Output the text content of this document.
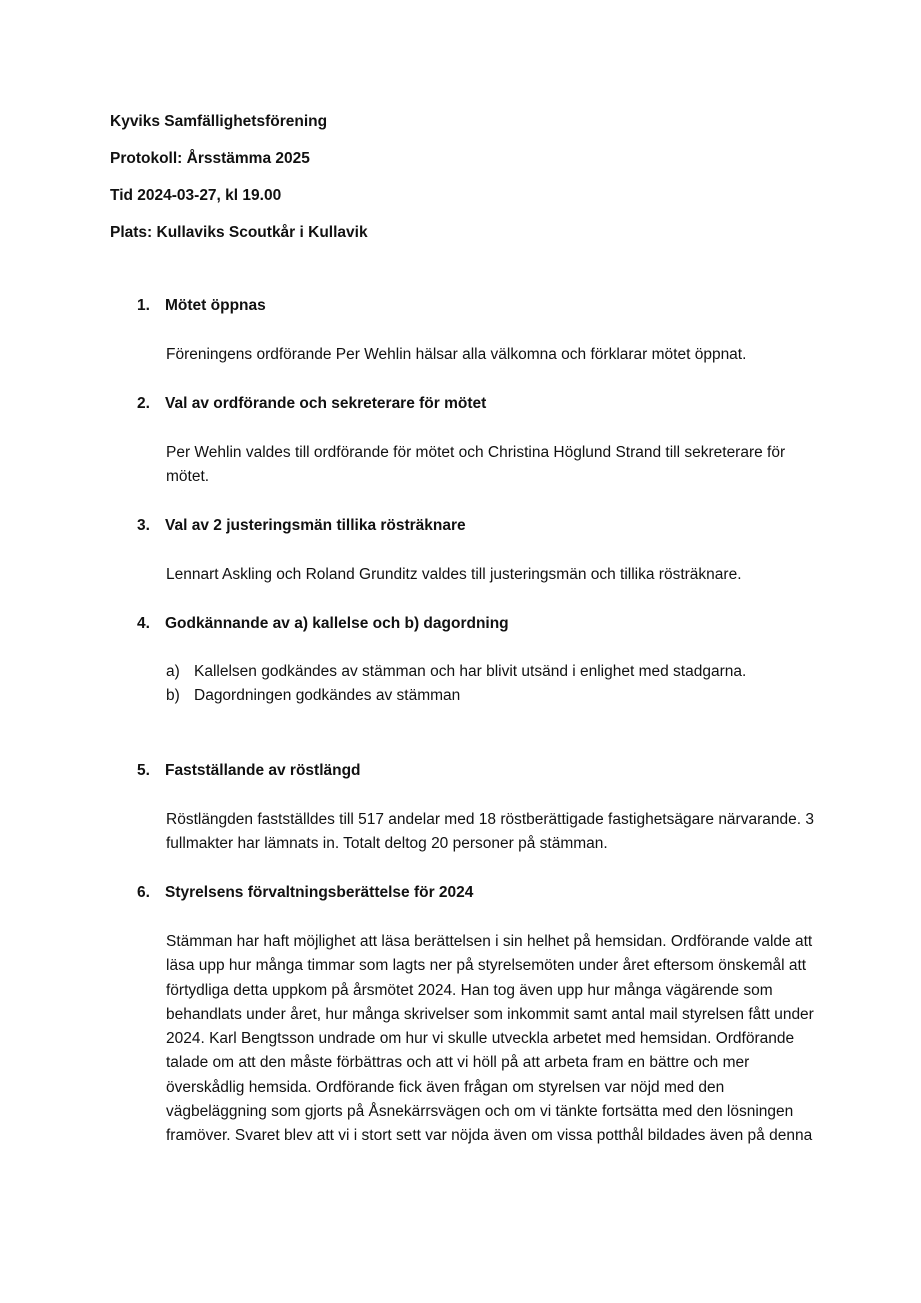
Kyviks Samfällighetsförening
Protokoll: Årsstämma 2025
Tid 2024-03-27, kl 19.00
Plats: Kullaviks Scoutkår i Kullavik
1. Mötet öppnas
Föreningens ordförande Per Wehlin hälsar alla välkomna och förklarar mötet öppnat.
2. Val av ordförande och sekreterare för mötet
Per Wehlin valdes till ordförande för mötet och Christina Höglund Strand till sekreterare för mötet.
3. Val av 2 justeringsmän tillika rösträknare
Lennart Askling och Roland Grunditz valdes till justeringsmän och tillika rösträknare.
4. Godkännande av a) kallelse och b) dagordning
a) Kallelsen godkändes av stämman och har blivit utsänd i enlighet med stadgarna.
b) Dagordningen godkändes av stämman
5. Fastställande av röstlängd
Röstlängden fastställdes till 517 andelar med 18 röstberättigade fastighetsägare närvarande. 3 fullmakter har lämnats in. Totalt deltog 20 personer på stämman.
6. Styrelsens förvaltningsberättelse för 2024
Stämman har haft möjlighet att läsa berättelsen i sin helhet på hemsidan. Ordförande valde att läsa upp hur många timmar som lagts ner på styrelsemöten under året eftersom önskemål att förtydliga detta uppkom på årsmötet 2024. Han tog även upp hur många vägärende som behandlats under året, hur många skrivelser som inkommit samt antal mail styrelsen fått under 2024. Karl Bengtsson undrade om hur vi skulle utveckla arbetet med hemsidan. Ordförande talade om att den måste förbättras och att vi höll på att arbeta fram en bättre och mer överskådlig hemsida. Ordförande fick även frågan om styrelsen var nöjd med den vägbeläggning som gjorts på Åsnekärrsvägen och om vi tänkte fortsätta med den lösningen framöver. Svaret blev att vi i stort sett var nöjda även om vissa potthål bildades även på denna
